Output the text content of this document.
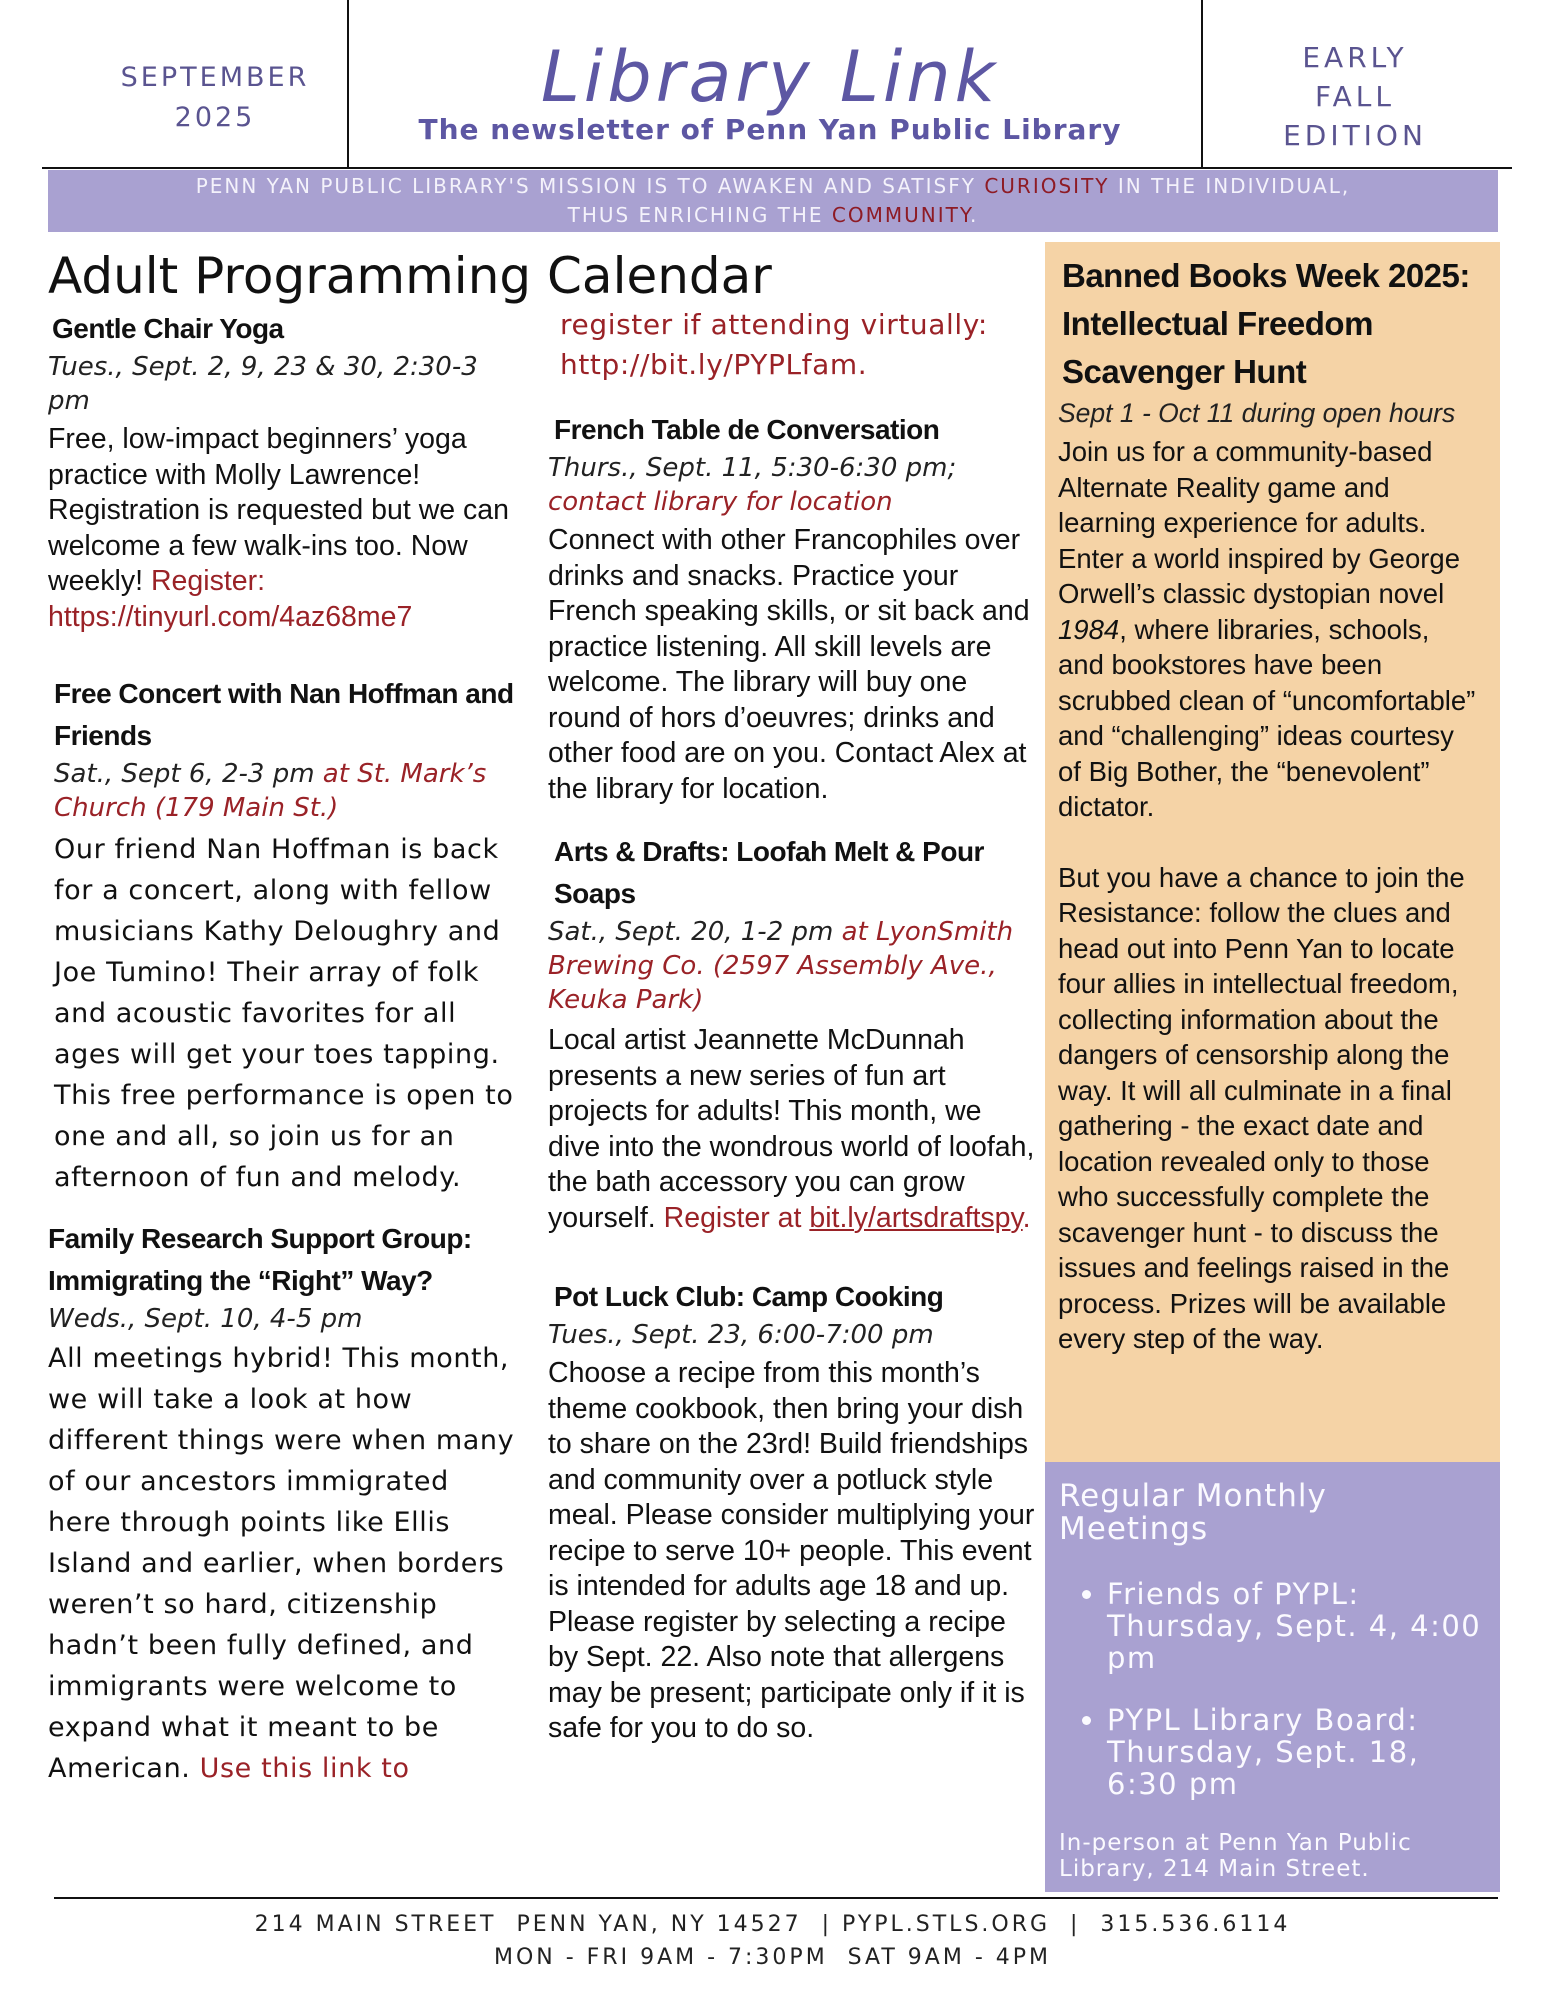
SEPTEMBER
2025	Library Link
The newsletter of Penn Yan Public Library
EARLY
FALL
EDITION
PENN YAN PUBLIC LIBRARY'S MISSION IS TO AWAKEN AND SATISFY CURIOSITY IN THE INDIVIDUAL,
THUS ENRICHING THE COMMUNITY.
Adult Programming Calendar
Gentle Chair Yoga
Tues., Sept. 2, 9, 23 & 30, 2:30-3 pm
Free, low-impact beginners’ yoga practice with Molly Lawrence! Registration is requested but we can welcome a few walk-ins too. Now weekly! Register: https://tinyurl.com/4az68me7
Free Concert with Nan Hoffman and Friends
Sat., Sept 6, 2-3 pm at St. Mark’s Church (179 Main St.)
Our friend Nan Hoffman is back for a concert, along with fellow musicians Kathy Deloughry and Joe Tumino! Their array of folk and acoustic favorites for all ages will get your toes tapping. This free performance is open to one and all, so join us for an afternoon of fun and melody.
Family Research Support Group: Immigrating the “Right” Way?
Weds., Sept. 10, 4-5 pm
All meetings hybrid! This month, we will take a look at how different things were when many of our ancestors immigrated here through points like Ellis Island and earlier, when borders weren’t so hard, citizenship hadn’t been fully defined, and immigrants were welcome to expand what it meant to be American. Use this link to
register if attending virtually: http://bit.ly/PYPLfam.
French Table de Conversation
Thurs., Sept. 11, 5:30-6:30 pm; contact library for location
Connect with other Francophiles over drinks and snacks. Practice your French speaking skills, or sit back and practice listening. All skill levels are welcome. The library will buy one round of hors d’oeuvres; drinks and other food are on you. Contact Alex at the library for location.
Arts & Drafts: Loofah Melt & Pour Soaps
Sat., Sept. 20, 1-2 pm at LyonSmith Brewing Co. (2597 Assembly Ave., Keuka Park)
Local artist Jeannette McDunnah presents a new series of fun art projects for adults! This month, we dive into the wondrous world of loofah, the bath accessory you can grow yourself. Register at bit.ly/artsdraftspy.
Pot Luck Club: Camp Cooking
Tues., Sept. 23, 6:00-7:00 pm
Choose a recipe from this month’s theme cookbook, then bring your dish to share on the 23rd! Build friendships and community over a potluck style meal. Please consider multiplying your recipe to serve 10+ people. This event is intended for adults age 18 and up. Please register by selecting a recipe by Sept. 22. Also note that allergens may be present; participate only if it is safe for you to do so.
Banned Books Week 2025: Intellectual Freedom Scavenger Hunt
Sept 1 - Oct 11 during open hours
Join us for a community-based Alternate Reality game and learning experience for adults. Enter a world inspired by George Orwell’s classic dystopian novel 1984, where libraries, schools, and bookstores have been scrubbed clean of “uncomfortable” and “challenging” ideas courtesy of Big Bother, the “benevolent” dictator.
But you have a chance to join the Resistance: follow the clues and head out into Penn Yan to locate four allies in intellectual freedom, collecting information about the dangers of censorship along the way. It will all culminate in a final gathering - the exact date and location revealed only to those who successfully complete the scavenger hunt - to discuss the issues and feelings raised in the process. Prizes will be available every step of the way.
Regular Monthly Meetings
• Friends of PYPL: Thursday, Sept. 4, 4:00 pm
• PYPL Library Board: Thursday, Sept. 18, 6:30 pm
In-person at Penn Yan Public Library, 214 Main Street.
214 MAIN STREET  PENN YAN, NY 14527  | PYPL.STLS.ORG  |  315.536.6114
MON - FRI 9AM - 7:30PM  SAT 9AM - 4PM
